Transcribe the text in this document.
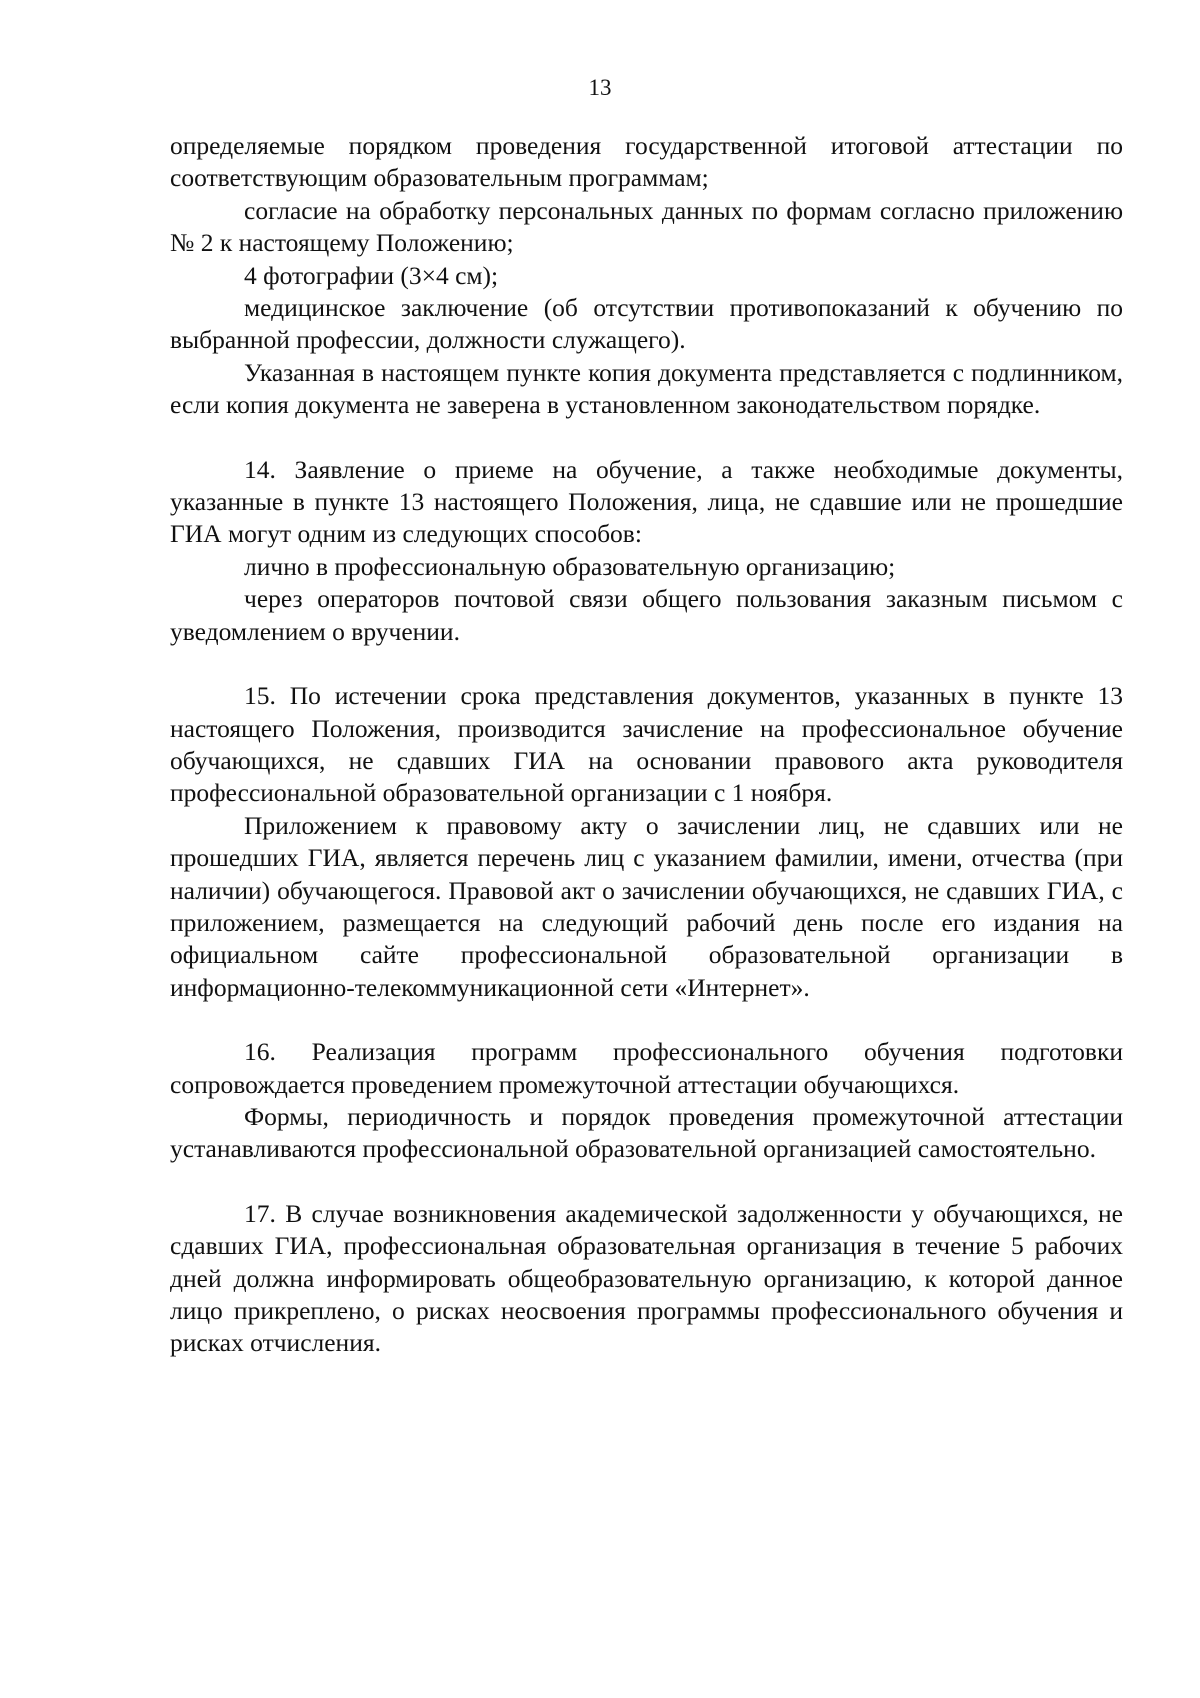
13

определяемые порядком проведения государственной итоговой аттестации по соответствующим образовательным программам;

согласие на обработку персональных данных по формам согласно приложению № 2 к настоящему Положению;

4 фотографии (3×4 см);

медицинское заключение (об отсутствии противопоказаний к обучению по выбранной профессии, должности служащего).

Указанная в настоящем пункте копия документа представляется с подлинником, если копия документа не заверена в установленном законодательством порядке.

14. Заявление о приеме на обучение, а также необходимые документы, указанные в пункте 13 настоящего Положения, лица, не сдавшие или не прошедшие ГИА могут одним из следующих способов:

лично в профессиональную образовательную организацию;

через операторов почтовой связи общего пользования заказным письмом с уведомлением о вручении.

15. По истечении срока представления документов, указанных в пункте 13 настоящего Положения, производится зачисление на профессиональное обучение обучающихся, не сдавших ГИА на основании правового акта руководителя профессиональной образовательной организации с 1 ноября.

Приложением к правовому акту о зачислении лиц, не сдавших или не прошедших ГИА, является перечень лиц с указанием фамилии, имени, отчества (при наличии) обучающегося. Правовой акт о зачислении обучающихся, не сдавших ГИА, с приложением, размещается на следующий рабочий день после его издания на официальном сайте профессиональной образовательной организации в информационно-телекоммуникационной сети «Интернет».

16. Реализация программ профессионального обучения подготовки сопровождается проведением промежуточной аттестации обучающихся.

Формы, периодичность и порядок проведения промежуточной аттестации устанавливаются профессиональной образовательной организацией самостоятельно.

17. В случае возникновения академической задолженности у обучающихся, не сдавших ГИА, профессиональная образовательная организация в течение 5 рабочих дней должна информировать общеобразовательную организацию, к которой данное лицо прикреплено, о рисках неосвоения программы профессионального обучения и рисках отчисления.
